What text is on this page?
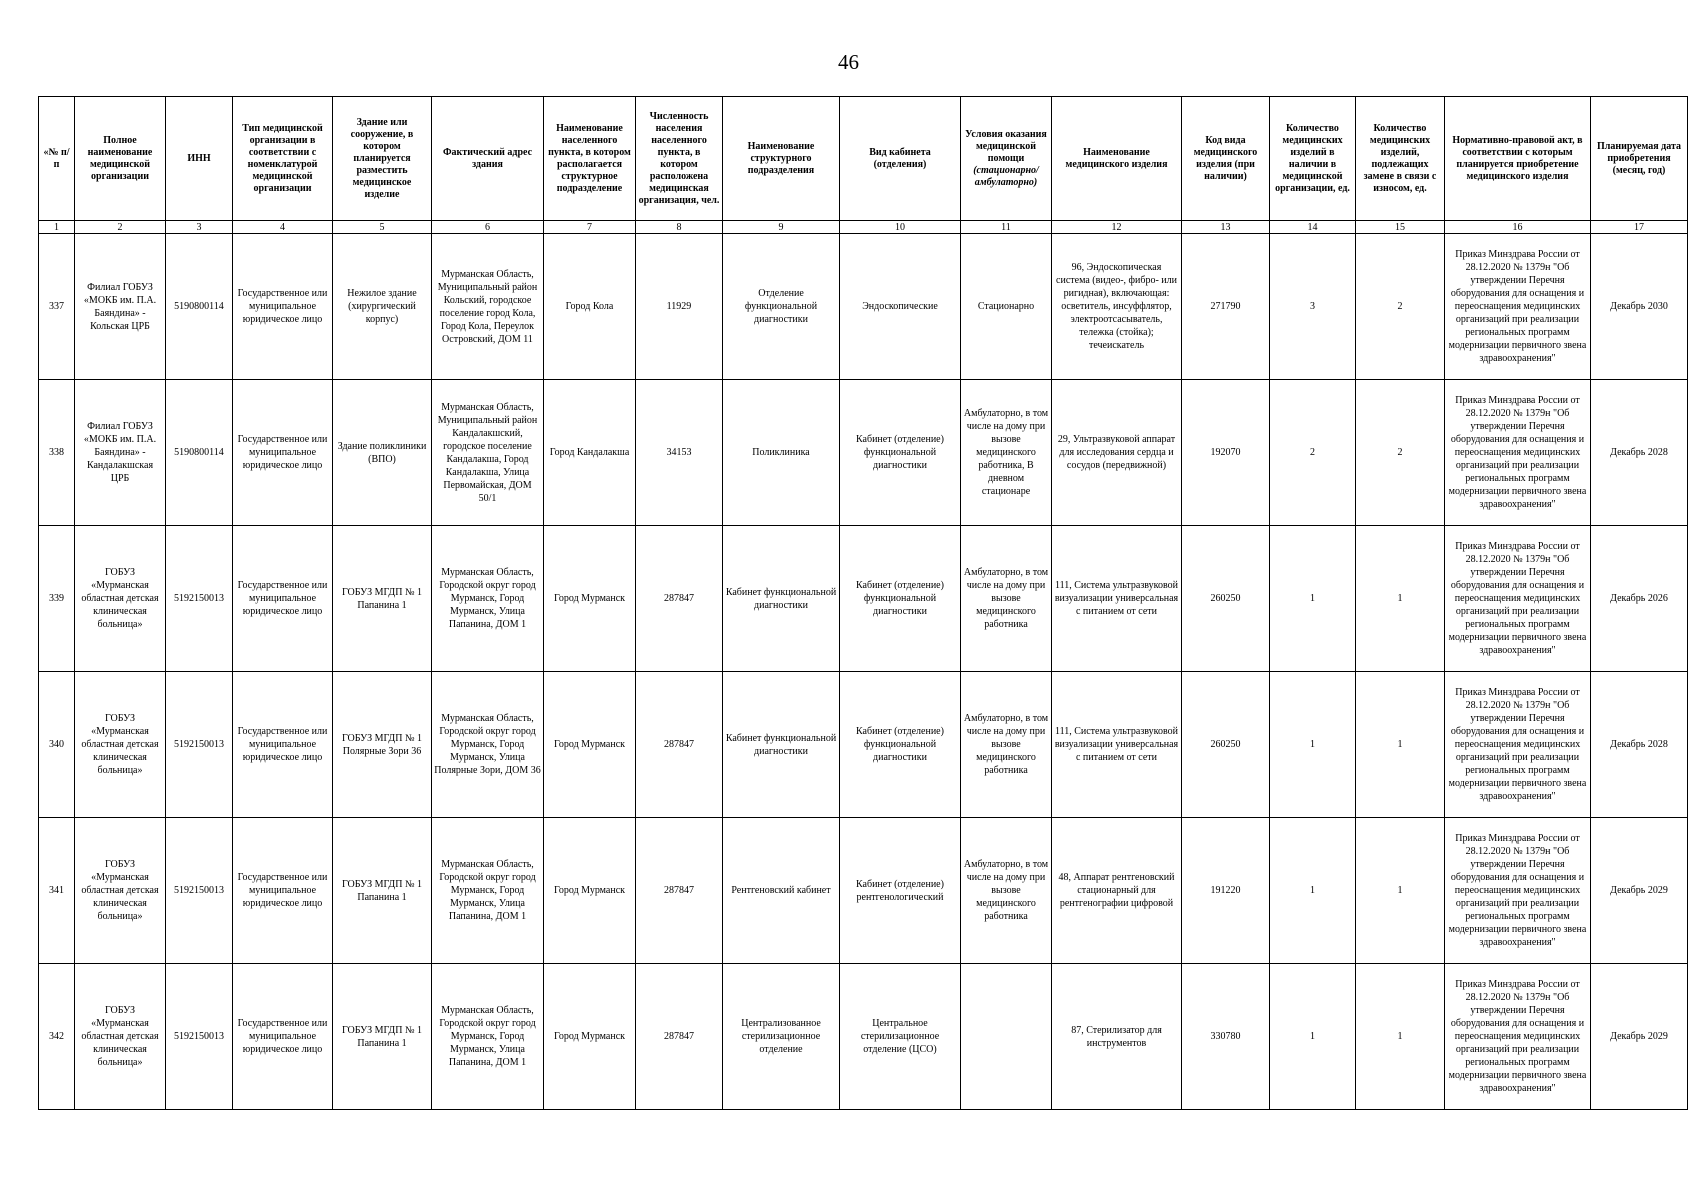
46
«№ п/п	Полное наименование медицинской организации	ИНН	Тип медицинской организации в соответствии с номенклатурой медицинской организации	Здание или сооружение, в котором планируется разместить медицинское изделие	Фактический адрес здания	Наименование населенного пункта, в котором располагается структурное подразделение	Численность населения населенного пункта, в котором расположена медицинская организация, чел.	Наименование структурного подразделения	Вид кабинета (отделения)	Условия оказания медицинской помощи (стационарно/ амбулаторно)	Наименование медицинского изделия	Код вида медицинского изделия (при наличии)	Количество медицинских изделий в наличии в медицинской организации, ед.	Количество медицинских изделий, подлежащих замене в связи с износом, ед.	Нормативно-правовой акт, в соответствии с которым планируется приобретение медицинского изделия	Планируемая дата приобретения (месяц, год)
1	2	3	4	5	6	7	8	9	10	11	12	13	14	15	16	17
337	Филиал ГОБУЗ «МОКБ им. П.А. Баяндина» - Кольская ЦРБ	5190800114	Государственное или муниципальное юридическое лицо	Нежилое здание (хирургический корпус)	Мурманская Область, Муниципальный район Кольский, городское поселение город Кола, Город Кола, Переулок Островский, ДОМ 11	Город Кола	11929	Отделение функциональной диагностики	Эндоскопические	Стационарно	96, Эндоскопическая система (видео-, фибро- или ригидная), включающая: осветитель, инсуффлятор, электроотсасыватель, тележка (стойка); течеискатель	271790	3	2	Приказ Минздрава России от 28.12.2020 № 1379н "Об утверждении Перечня оборудования для оснащения и переоснащения медицинских организаций при реализации региональных программ модернизации первичного звена здравоохранения"	Декабрь 2030
338	Филиал ГОБУЗ «МОКБ им. П.А. Баяндина» - Кандалакшская ЦРБ	5190800114	Государственное или муниципальное юридическое лицо	Здание поликлиники (ВПО)	Мурманская Область, Муниципальный район Кандалакшский, городское поселение Кандалакша, Город Кандалакша, Улица Первомайская, ДОМ 50/1	Город Кандалакша	34153	Поликлиника	Кабинет (отделение) функциональной диагностики	Амбулаторно, в том числе на дому при вызове медицинского работника, В дневном стационаре	29, Ультразвуковой аппарат для исследования сердца и сосудов (передвижной)	192070	2	2	Приказ Минздрава России от 28.12.2020 № 1379н "Об утверждении Перечня оборудования для оснащения и переоснащения медицинских организаций при реализации региональных программ модернизации первичного звена здравоохранения"	Декабрь 2028
339	ГОБУЗ «Мурманская областная детская клиническая больница»	5192150013	Государственное или муниципальное юридическое лицо	ГОБУЗ МГДП № 1 Папанина 1	Мурманская Область, Городской округ город Мурманск, Город Мурманск, Улица Папанина, ДОМ 1	Город Мурманск	287847	Кабинет функциональной диагностики	Кабинет (отделение) функциональной диагностики	Амбулаторно, в том числе на дому при вызове медицинского работника	111, Система ультразвуковой визуализации универсальная с питанием от сети	260250	1	1	Приказ Минздрава России от 28.12.2020 № 1379н "Об утверждении Перечня оборудования для оснащения и переоснащения медицинских организаций при реализации региональных программ модернизации первичного звена здравоохранения"	Декабрь 2026
340	ГОБУЗ «Мурманская областная детская клиническая больница»	5192150013	Государственное или муниципальное юридическое лицо	ГОБУЗ МГДП № 1 Полярные Зори 36	Мурманская Область, Городской округ город Мурманск, Город Мурманск, Улица Полярные Зори, ДОМ 36	Город Мурманск	287847	Кабинет функциональной диагностики	Кабинет (отделение) функциональной диагностики	Амбулаторно, в том числе на дому при вызове медицинского работника	111, Система ультразвуковой визуализации универсальная с питанием от сети	260250	1	1	Приказ Минздрава России от 28.12.2020 № 1379н "Об утверждении Перечня оборудования для оснащения и переоснащения медицинских организаций при реализации региональных программ модернизации первичного звена здравоохранения"	Декабрь 2028
341	ГОБУЗ «Мурманская областная детская клиническая больница»	5192150013	Государственное или муниципальное юридическое лицо	ГОБУЗ МГДП № 1 Папанина 1	Мурманская Область, Городской округ город Мурманск, Город Мурманск, Улица Папанина, ДОМ 1	Город Мурманск	287847	Рентгеновский кабинет	Кабинет (отделение) рентгенологический	Амбулаторно, в том числе на дому при вызове медицинского работника	48, Аппарат рентгеновский стационарный для рентгенографии цифровой	191220	1	1	Приказ Минздрава России от 28.12.2020 № 1379н "Об утверждении Перечня оборудования для оснащения и переоснащения медицинских организаций при реализации региональных программ модернизации первичного звена здравоохранения"	Декабрь 2029
342	ГОБУЗ «Мурманская областная детская клиническая больница»	5192150013	Государственное или муниципальное юридическое лицо	ГОБУЗ МГДП № 1 Папанина 1	Мурманская Область, Городской округ город Мурманск, Город Мурманск, Улица Папанина, ДОМ 1	Город Мурманск	287847	Централизованное стерилизационное отделение	Центральное стерилизационное отделение (ЦСО)		87, Стерилизатор для инструментов	330780	1	1	Приказ Минздрава России от 28.12.2020 № 1379н "Об утверждении Перечня оборудования для оснащения и переоснащения медицинских организаций при реализации региональных программ модернизации первичного звена здравоохранения"	Декабрь 2029
